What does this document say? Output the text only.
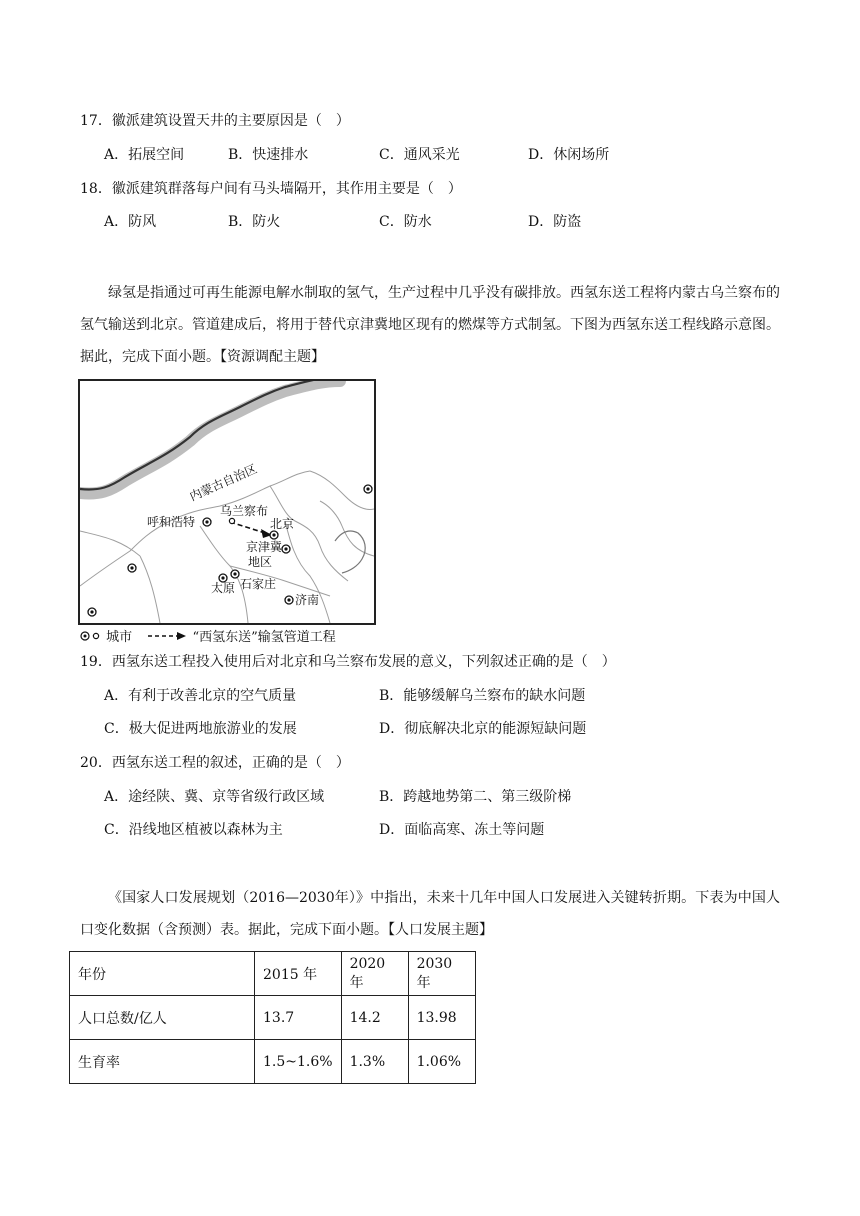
17．徽派建筑设置天井的主要原因是（　）
A．拓展空间	B．快速排水	C．通风采光	D．休闲场所
18．徽派建筑群落每户间有马头墙隔开，其作用主要是（　）
A．防风	B．防火	C．防水	D．防盗
绿氢是指通过可再生能源电解水制取的氢气，生产过程中几乎没有碳排放。西氢东送工程将内蒙古乌兰察布的氢气输送到北京。管道建成后，将用于替代京津冀地区现有的燃煤等方式制氢。下图为西氢东送工程线路示意图。据此，完成下面小题。【资源调配主题】
内蒙古自治区
乌兰察布
呼和浩特	北京
京津冀
地区
太原 石家庄
济南
城市	“西氢东送”输氢管道工程
19．西氢东送工程投入使用后对北京和乌兰察布发展的意义，下列叙述正确的是（　）
A．有利于改善北京的空气质量	B．能够缓解乌兰察布的缺水问题
C．极大促进两地旅游业的发展	D．彻底解决北京的能源短缺问题
20．西氢东送工程的叙述，正确的是（　）
A．途经陕、冀、京等省级行政区域	B．跨越地势第二、第三级阶梯
C．沿线地区植被以森林为主	D．面临高寒、冻土等问题
《国家人口发展规划（2016—2030年）》中指出，未来十几年中国人口发展进入关键转折期。下表为中国人口变化数据（含预测）表。据此，完成下面小题。【人口发展主题】
年份	2015 年	2020 年	2030 年
人口总数/亿人	13.7	14.2	13.98
生育率	1.5~1.6%	1.3%	1.06%
